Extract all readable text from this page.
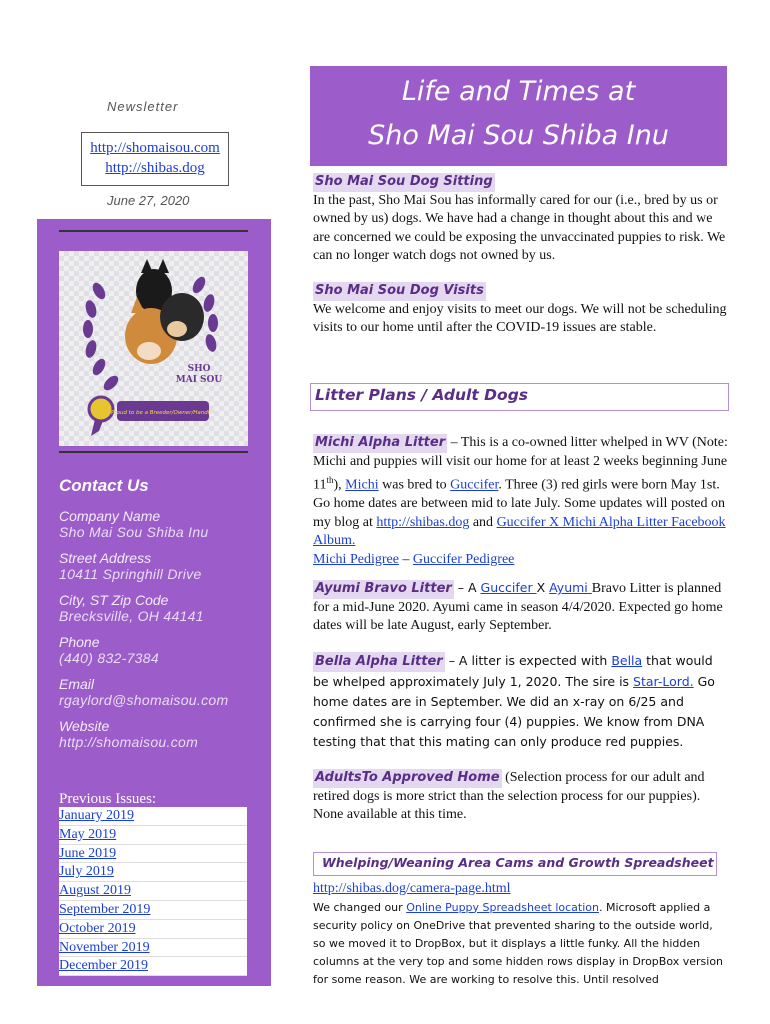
Newsletter
http://shomaisou.com
http://shibas.dog
June 27, 2020
SHO
MAI SOU
Proud to be a Breeder/Owner/Handler
Contact Us
Company Name
Sho Mai Sou Shiba Inu
Street Address
10411 Springhill Drive
City, ST Zip Code
Brecksville, OH 44141
Phone
(440) 832-7384
Email
rgaylord@shomaisou.com
Website
http://shomaisou.com
Previous Issues:
January 2019
May 2019
June 2019
July 2019
August 2019
September 2019
October 2019
November 2019
December 2019
Life and Times at
Sho Mai Sou Shiba Inu
Sho Mai Sou Dog Sitting
In the past, Sho Mai Sou has informally cared for our (i.e., bred by us or owned by us) dogs. We have had a change in thought about this and we are concerned we could be exposing the unvaccinated puppies to risk. We can no longer watch dogs not owned by us.
Sho Mai Sou Dog Visits
We welcome and enjoy visits to meet our dogs. We will not be scheduling visits to our home until after the COVID-19 issues are stable.
Litter Plans / Adult Dogs
Michi Alpha Litter – This is a co-owned litter whelped in WV (Note: Michi and puppies will visit our home for at least 2 weeks beginning June 11th), Michi was bred to Guccifer. Three (3) red girls were born May 1st. Go home dates are between mid to late July. Some updates will posted on my blog at http://shibas.dog and Guccifer X Michi Alpha Litter Facebook Album.
Michi Pedigree – Guccifer Pedigree
Ayumi Bravo Litter – A Guccifer X Ayumi Bravo Litter is planned for a mid-June 2020. Ayumi came in season 4/4/2020. Expected go home dates will be late August, early September.
Bella Alpha Litter – A litter is expected with Bella that would be whelped approximately July 1, 2020. The sire is Star-Lord. Go home dates are in September. We did an x-ray on 6/25 and confirmed she is carrying four (4) puppies. We know from DNA testing that that this mating can only produce red puppies.
AdultsTo Approved Home (Selection process for our adult and retired dogs is more strict than the selection process for our puppies). None available at this time.
Whelping/Weaning Area Cams and Growth Spreadsheet
http://shibas.dog/camera-page.html
We changed our Online Puppy Spreadsheet location. Microsoft applied a security policy on OneDrive that prevented sharing to the outside world, so we moved it to DropBox, but it displays a little funky. All the hidden columns at the very top and some hidden rows display in DropBox version for some reason. We are working to resolve this. Until resolved
